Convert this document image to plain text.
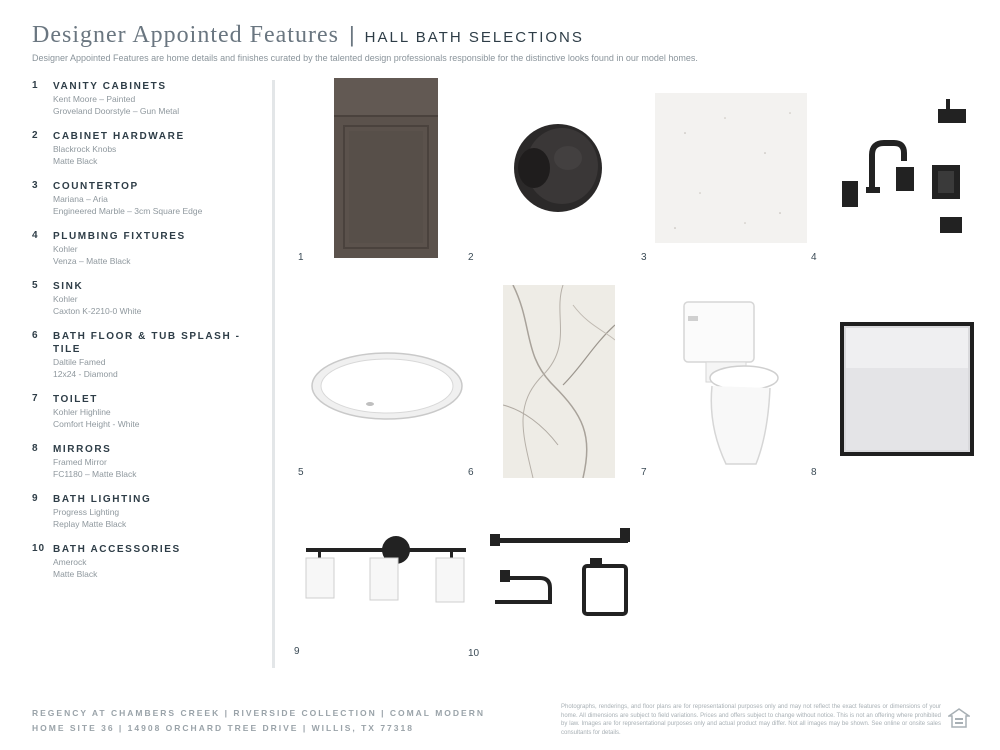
Designer Appointed Features | HALL BATH SELECTIONS
Designer Appointed Features are home details and finishes curated by the talented design professionals responsible for the distinctive looks found in our model homes.
1	VANITY CABINETS
Kent Moore – Painted
Groveland Doorstyle – Gun Metal
2	CABINET HARDWARE
Blackrock Knobs
Matte Black
3	COUNTERTOP
Mariana – Aria
Engineered Marble – 3cm Square Edge
4	PLUMBING FIXTURES
Kohler
Venza – Matte Black
5	SINK
Kohler
Caxton K-2210-0 White
6	BATH FLOOR & TUB SPLASH - TILE
Daltile Famed
12x24 - Diamond
7	TOILET
Kohler Highline
Comfort Height - White
8	MIRRORS
Framed Mirror
FC1180 – Matte Black
9	BATH LIGHTING
Progress Lighting
Replay Matte Black
10 BATH ACCESSORIES
Amerock
Matte Black
1	2	3	4
5	6	7	8
9	10
REGENCY AT CHAMBERS CREEK | RIVERSIDE COLLECTION | COMAL MODERN
HOME SITE 36 | 14908 ORCHARD TREE DRIVE | WILLIS, TX 77318
Photographs, renderings, and floor plans are for representational purposes only and may not reflect the exact features or dimensions of your home. All dimensions are subject to field variations. Prices and offers subject to change without notice. This is not an offering where prohibited by law. Images are for representational purposes only and actual product may differ. Not all images may be shown. See online or onsite sales consultants for details.
